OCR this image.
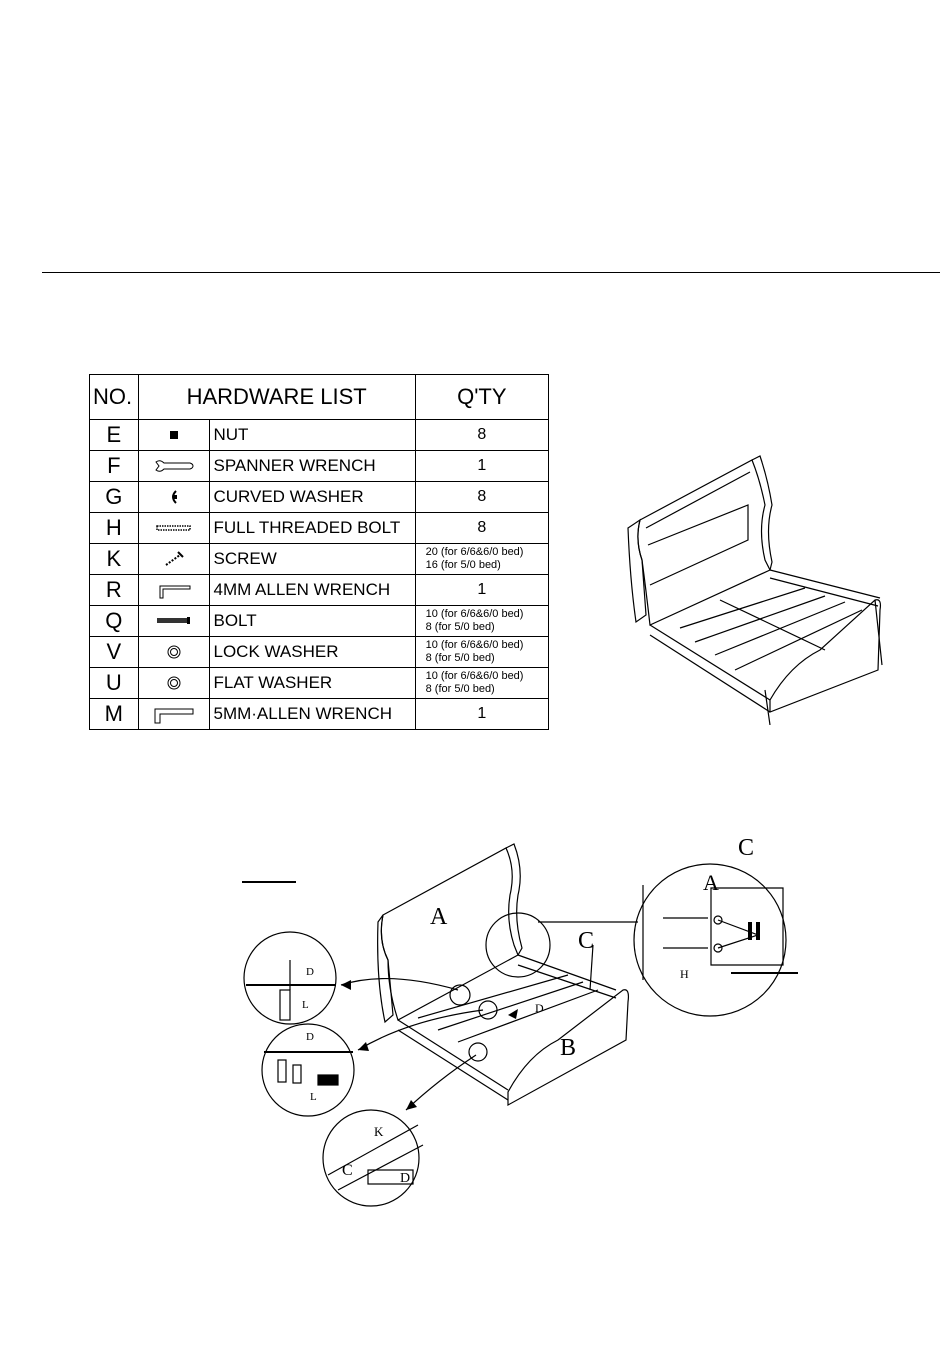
NO.	HARDWARE LIST		Q'TY
E		NUT	8
F		SPANNER WRENCH	1
G		CURVED WASHER	8
H		FULL THREADED BOLT	8
K		SCREW	20 (for 6/6&6/0 bed)
16 (for 5/0 bed)

R		4MM ALLEN WRENCH	1
Q		BOLT	10 (for 6/6&6/0 bed)
8 (for 5/0 bed)

V		LOCK WASHER	10 (for 6/6&6/0 bed)
8 (for 5/0 bed)

U		FLAT WASHER	10 (for 6/6&6/0 bed)
8 (for 5/0 bed)

M		5MM·ALLEN WRENCH	1
A
B
C
D
C
A
H
D
L
D
L
K
C	D
